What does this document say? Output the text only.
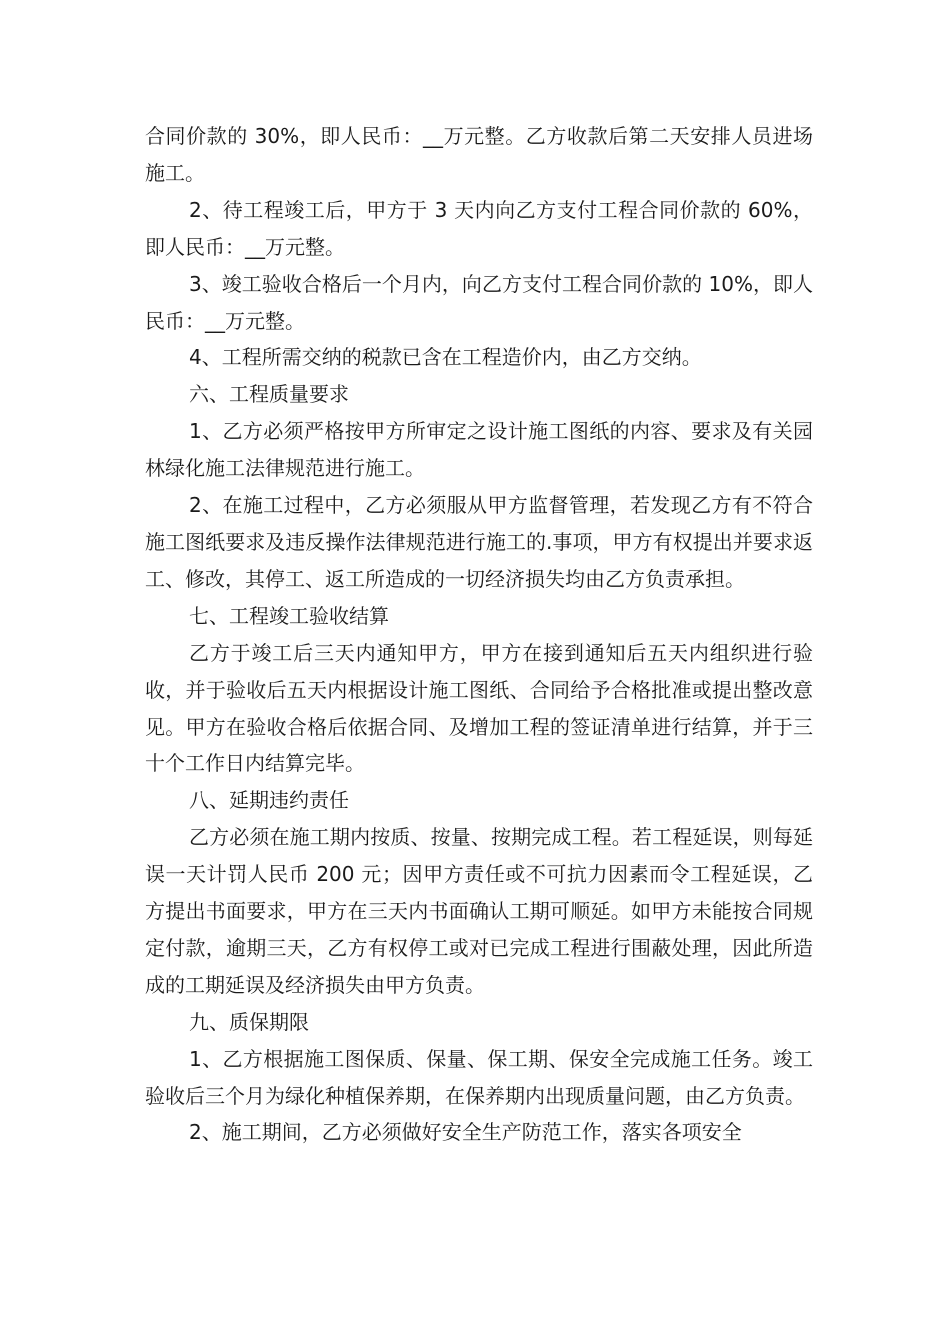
合同价款的 30%，即人民币：__万元整。乙方收款后第二天安排人员进场施工。

2、待工程竣工后，甲方于 3 天内向乙方支付工程合同价款的 60%， 即人民币：__万元整。

3、竣工验收合格后一个月内，向乙方支付工程合同价款的 10%，即人民币：__万元整。

4、工程所需交纳的税款已含在工程造价内，由乙方交纳。

六、工程质量要求

1、乙方必须严格按甲方所审定之设计施工图纸的内容、要求及有关园林绿化施工法律规范进行施工。

2、在施工过程中，乙方必须服从甲方监督管理，若发现乙方有不符合施工图纸要求及违反操作法律规范进行施工的.事项，甲方有权提出并要求返工、修改，其停工、返工所造成的一切经济损失均由乙方负责承担。

七、工程竣工验收结算

乙方于竣工后三天内通知甲方，甲方在接到通知后五天内组织进行验收，并于验收后五天内根据设计施工图纸、合同给予合格批准或提出整改意见。甲方在验收合格后依据合同、及增加工程的签证清单进行结算，并于三十个工作日内结算完毕。

八、延期违约责任

乙方必须在施工期内按质、按量、按期完成工程。若工程延误，则每延误一天计罚人民币 200 元；因甲方责任或不可抗力因素而令工程延误，乙方提出书面要求，甲方在三天内书面确认工期可顺延。如甲方未能按合同规定付款，逾期三天，乙方有权停工或对已完成工程进行围蔽处理，因此所造成的工期延误及经济损失由甲方负责。

九、质保期限

1、乙方根据施工图保质、保量、保工期、保安全完成施工任务。竣工验收后三个月为绿化种植保养期，在保养期内出现质量问题，由乙方负责。

2、施工期间，乙方必须做好安全生产防范工作，落实各项安全
